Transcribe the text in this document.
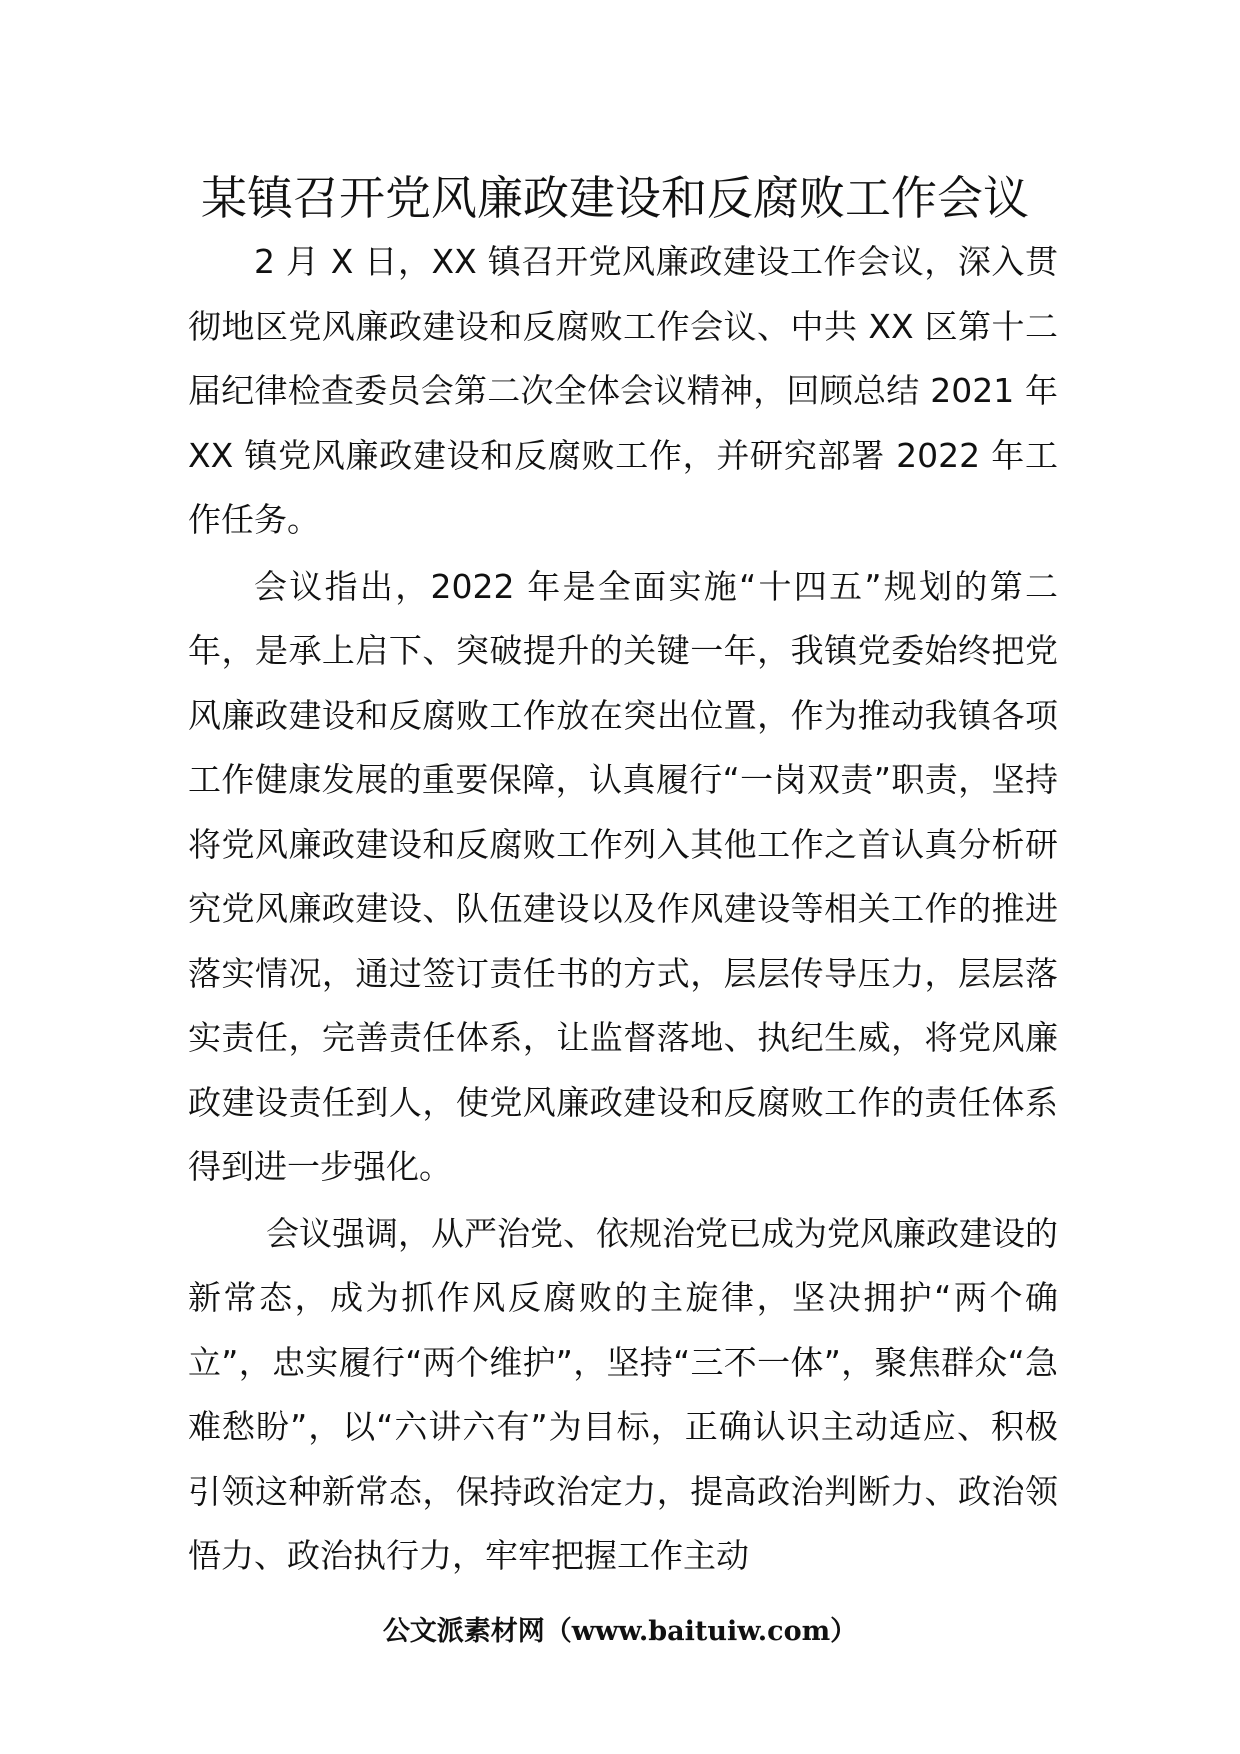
某镇召开党风廉政建设和反腐败工作会议

2 月 X 日，XX 镇召开党风廉政建设工作会议，深入贯彻地区党风廉政建设和反腐败工作会议、中共 XX 区第十二届纪律检查委员会第二次全体会议精神，回顾总结 2021 年 XX 镇党风廉政建设和反腐败工作，并研究部署 2022 年工作任务。

会议指出，2022 年是全面实施“十四五”规划的第二年，是承上启下、突破提升的关键一年，我镇党委始终把党风廉政建设和反腐败工作放在突出位置，作为推动我镇各项工作健康发展的重要保障，认真履行“一岗双责”职责，坚持将党风廉政建设和反腐败工作列入其他工作之首认真分析研究党风廉政建设、队伍建设以及作风建设等相关工作的推进落实情况，通过签订责任书的方式，层层传导压力，层层落实责任，完善责任体系，让监督落地、执纪生威，将党风廉政建设责任到人，使党风廉政建设和反腐败工作的责任体系得到进一步强化。

会议强调，从严治党、依规治党已成为党风廉政建设的新常态，成为抓作风反腐败的主旋律，坚决拥护“两个确立”，忠实履行“两个维护”，坚持“三不一体”，聚焦群众“急难愁盼”，以“六讲六有”为目标，正确认识主动适应、积极引领这种新常态，保持政治定力，提高政治判断力、政治领悟力、政治执行力，牢牢把握工作主动

公文派素材网（www.baituiw.com）
